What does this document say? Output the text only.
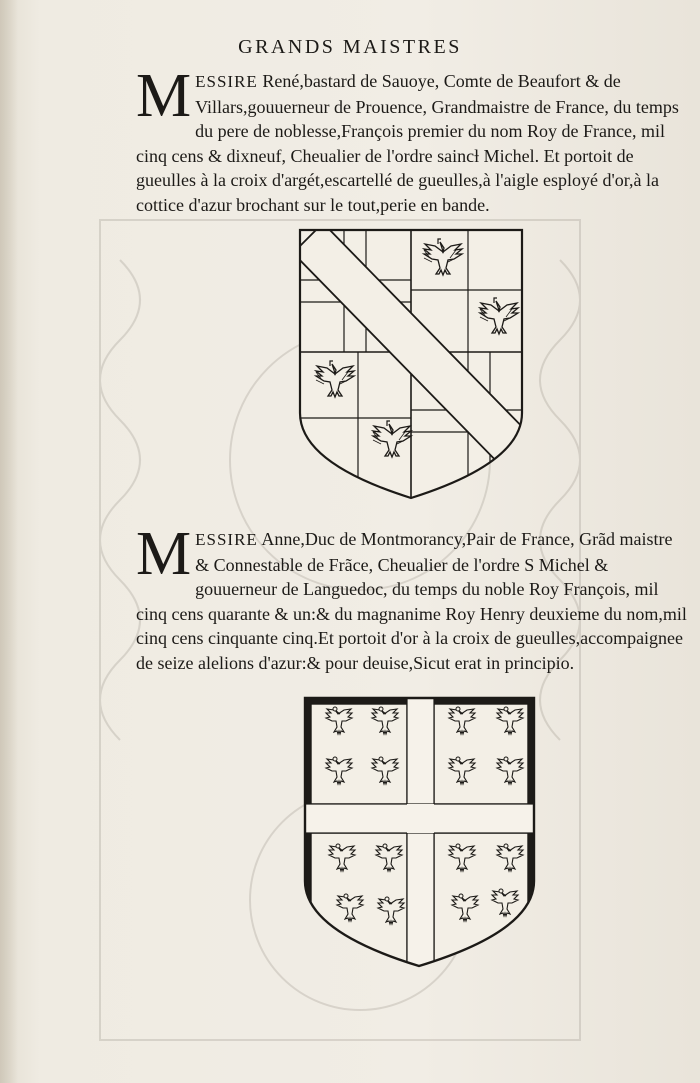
GRANDS MAISTRES

MESSIRE René,bastard de Sauoye, Comte de Beaufort & de Villars,gouuerneur de Prouence, Grandmaistre de France, du temps du pere de noblesse,François premier du nom Roy de France, mil cinq cens & dixneuf, Cheualier de l'ordre saincƚ Michel. Et portoit de gueulles à la croix d'argét,escartellé de gueulles,à l'aigle esployé d'or,à la cottice d'azur brochant sur le tout,perie en bande.

MESSIRE Anne,Duc de Montmorancy,Pair de France, Grãd maistre & Connestable de Frãce, Cheualier de l'ordre S Michel & gouuerneur de Languedoc, du temps du noble Roy François, mil cinq cens quarante & un:& du magnanime Roy Henry deuxieme du nom,mil cinq cens cinquante cinq.Et portoit d'or à la croix de gueulles,accompaignee de seize alelions d'azur:& pour deuise,Sicut erat in principio.
